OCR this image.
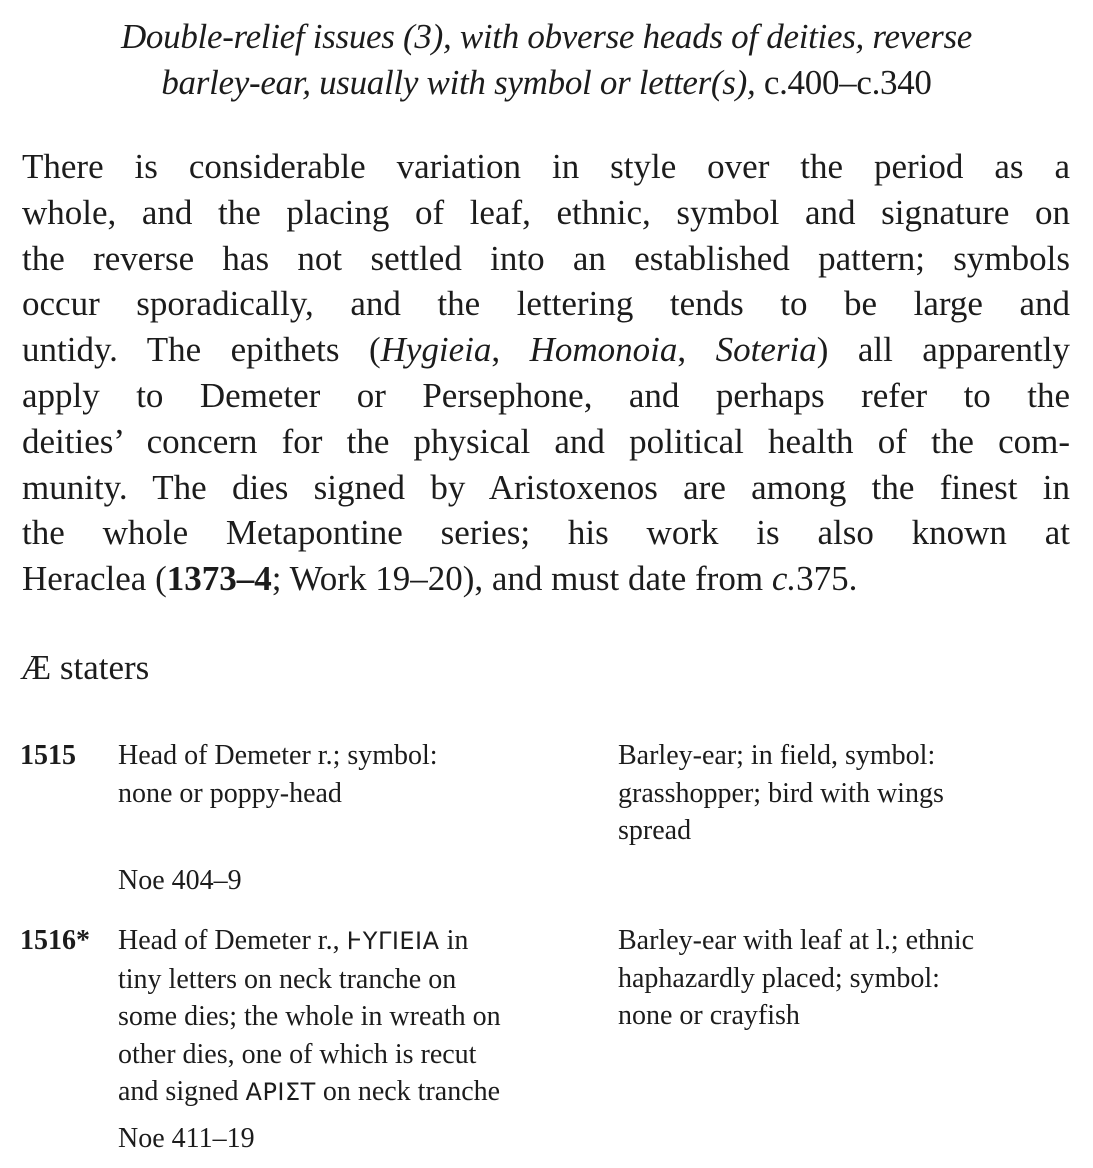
Double-relief issues (3), with obverse heads of deities, reverse
barley-ear, usually with symbol or letter(s), c.400–c.340
There is considerable variation in style over the period as a
whole, and the placing of leaf, ethnic, symbol and signature on
the reverse has not settled into an established pattern; symbols
occur sporadically, and the lettering tends to be large and
untidy. The epithets (Hygieia, Homonoia, Soteria) all apparently
apply to Demeter or Persephone, and perhaps refer to the
deities’ concern for the physical and political health of the com-
munity. The dies signed by Aristoxenos are among the finest in
the whole Metapontine series; his work is also known at
Heraclea (1373–4; Work 19–20), and must date from c.375.
Æ staters
1515 Head of Demeter r.; symbol:
none or poppy-head
Barley-ear; in field, symbol:
grasshopper; bird with wings
spread
Noe 404–9
1516* Head of Demeter r., ͰΥΓΙΕΙΑ in
tiny letters on neck tranche on
some dies; the whole in wreath on
other dies, one of which is recut
and signed ΑΡΙΣΤ on neck tranche
Barley-ear with leaf at l.; ethnic
haphazardly placed; symbol:
none or crayfish
Noe 411–19
